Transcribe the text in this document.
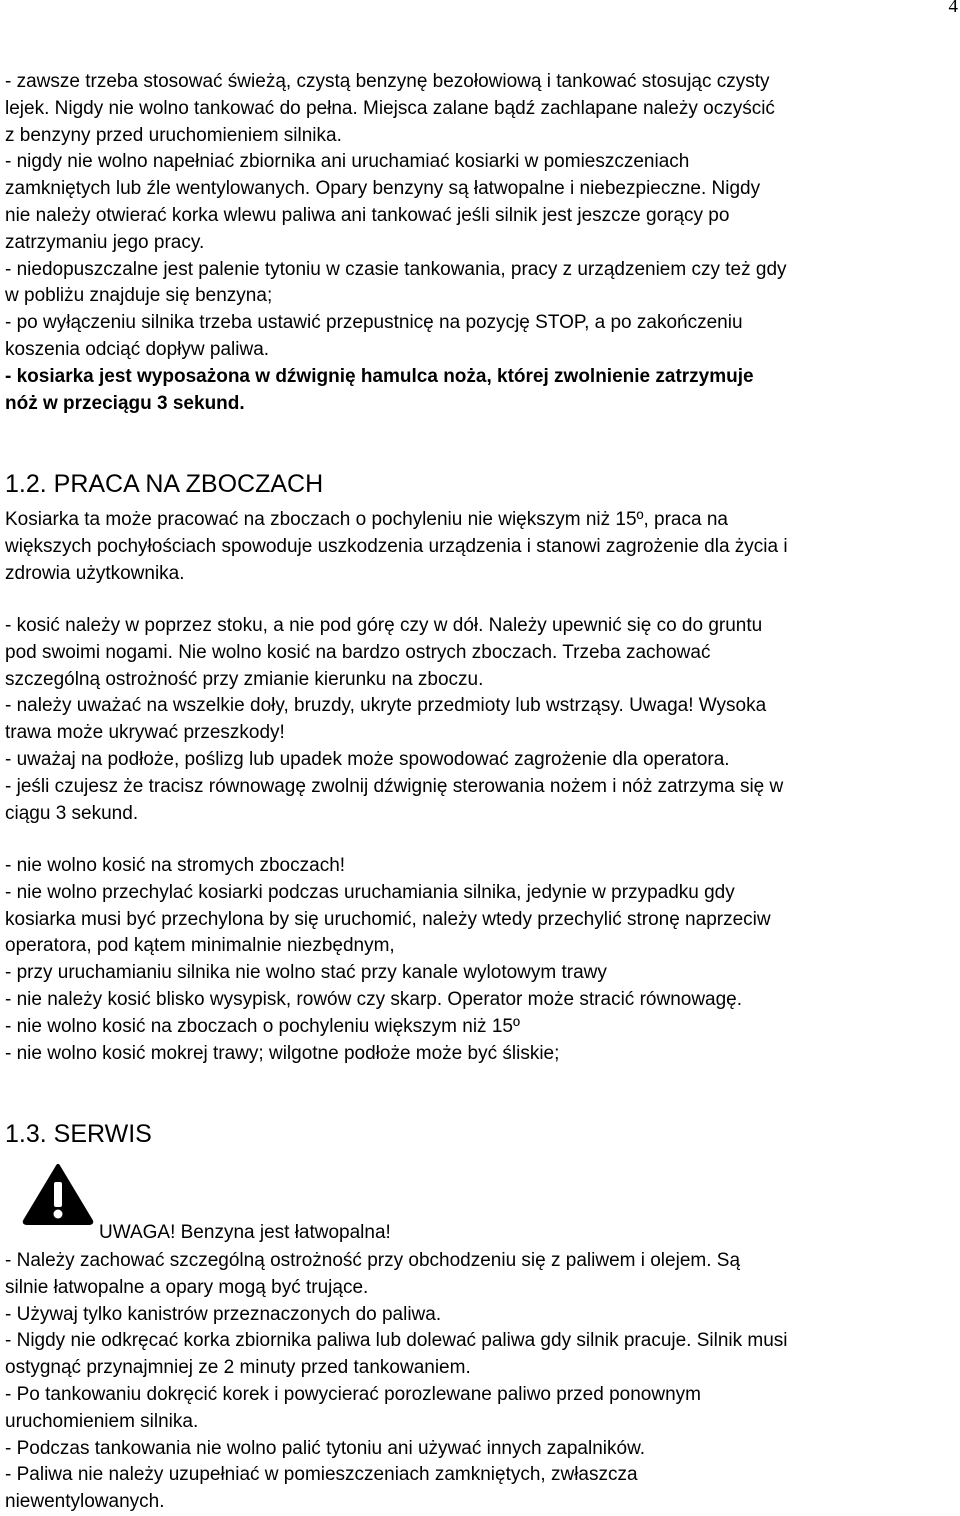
4

- zawsze trzeba stosować świeżą, czystą benzynę bezołowiową i tankować stosując czysty

lejek. Nigdy nie wolno tankować do pełna. Miejsca zalane bądź zachlapane należy oczyścić

z benzyny przed uruchomieniem silnika.

- nigdy nie wolno napełniać zbiornika ani uruchamiać kosiarki w pomieszczeniach

zamkniętych lub źle wentylowanych. Opary benzyny są łatwopalne i niebezpieczne. Nigdy

nie należy otwierać korka wlewu paliwa ani tankować jeśli silnik jest jeszcze gorący po

zatrzymaniu jego pracy.

- niedopuszczalne jest palenie tytoniu w czasie tankowania, pracy z urządzeniem czy też gdy

w pobliżu znajduje się benzyna;

- po wyłączeniu silnika trzeba ustawić przepustnicę na pozycję STOP, a po zakończeniu

koszenia odciąć dopływ paliwa.

- kosiarka jest wyposażona w dźwignię hamulca noża, której zwolnienie zatrzymuje

nóż w przeciągu 3 sekund.

1.2. PRACA NA ZBOCZACH

Kosiarka ta może pracować na zboczach o pochyleniu nie większym niż 15º, praca na

większych pochyłościach spowoduje uszkodzenia urządzenia i stanowi zagrożenie dla życia i

zdrowia użytkownika.

- kosić należy w poprzez stoku, a nie pod górę czy w dół. Należy upewnić się co do gruntu

pod swoimi nogami. Nie wolno kosić na bardzo ostrych zboczach. Trzeba zachować

szczególną ostrożność przy zmianie kierunku na zboczu.

- należy uważać na wszelkie doły, bruzdy, ukryte przedmioty lub wstrząsy. Uwaga! Wysoka

trawa może ukrywać przeszkody!

- uważaj na podłoże, poślizg lub upadek może spowodować zagrożenie dla operatora.

- jeśli czujesz że tracisz równowagę zwolnij dźwignię sterowania nożem i nóż zatrzyma się w

ciągu 3 sekund.

- nie wolno kosić na stromych zboczach!

- nie wolno przechylać kosiarki podczas uruchamiania silnika, jedynie w przypadku gdy

kosiarka musi być przechylona by się uruchomić, należy wtedy przechylić stronę naprzeciw

operatora, pod kątem minimalnie niezbędnym,

- przy uruchamianiu silnika nie wolno stać przy kanale wylotowym trawy

- nie należy kosić blisko wysypisk, rowów czy skarp. Operator może stracić równowagę.

- nie wolno kosić na zboczach o pochyleniu większym niż 15º

- nie wolno kosić mokrej trawy; wilgotne podłoże może być śliskie;

1.3. SERWIS
UWAGA! Benzyna jest łatwopalna!

- Należy zachować szczególną ostrożność przy obchodzeniu się z paliwem i olejem. Są

silnie łatwopalne a opary mogą być trujące.

- Używaj tylko kanistrów przeznaczonych do paliwa.

- Nigdy nie odkręcać korka zbiornika paliwa lub dolewać paliwa gdy silnik pracuje. Silnik musi

ostygnąć przynajmniej ze 2 minuty przed tankowaniem.

- Po tankowaniu dokręcić korek i powycierać porozlewane paliwo przed ponownym

uruchomieniem silnika.

- Podczas tankowania nie wolno palić tytoniu ani używać innych zapalników.

- Paliwa nie należy uzupełniać w pomieszczeniach zamkniętych, zwłaszcza

niewentylowanych.
